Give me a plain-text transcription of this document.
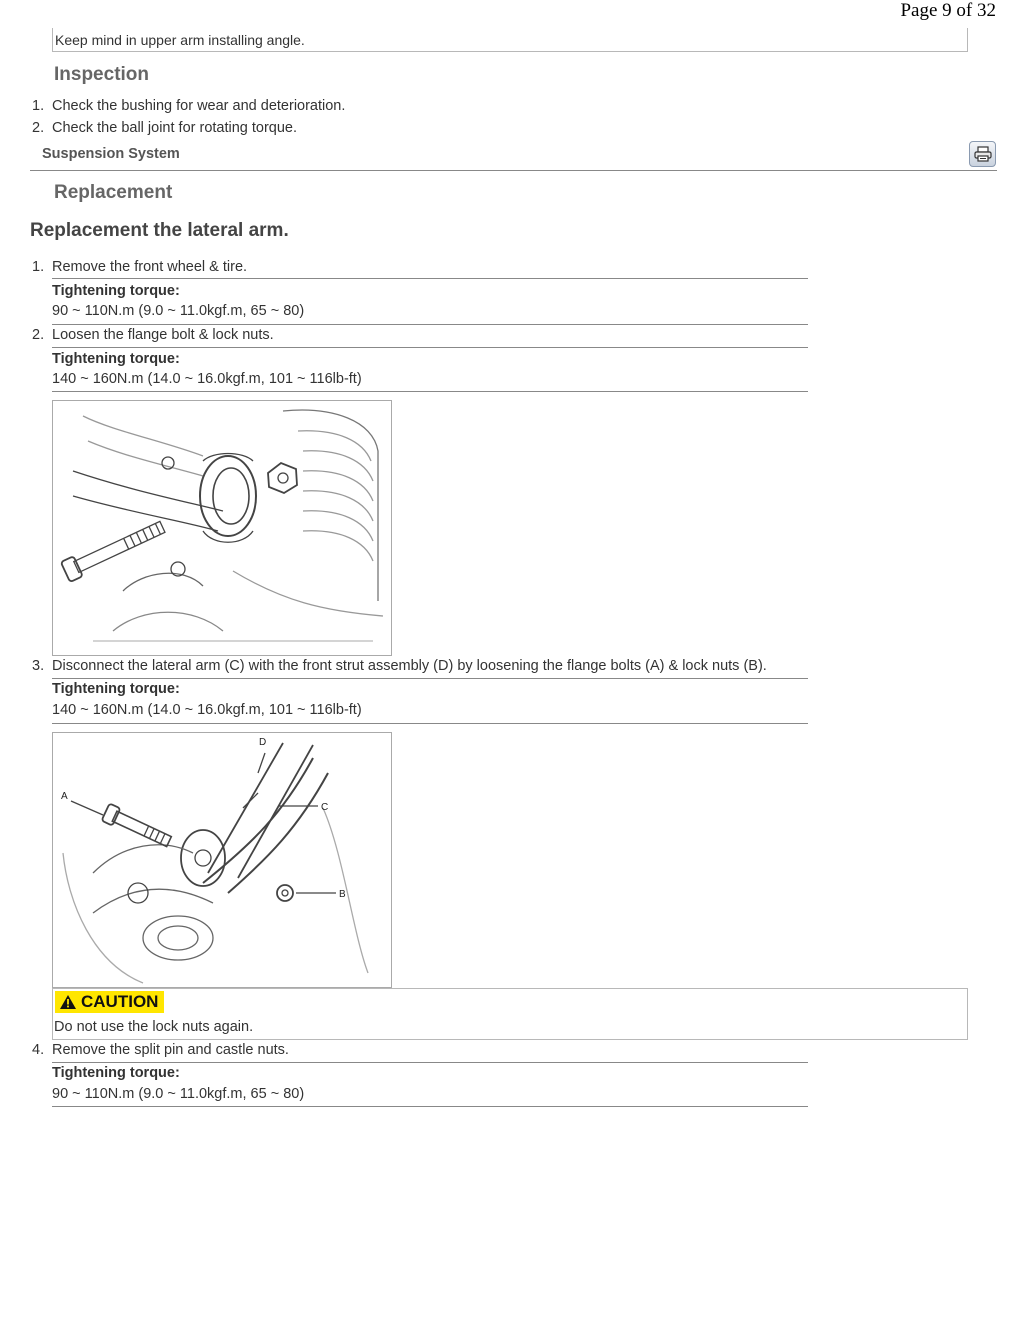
Page 9 of 32
Keep mind in upper arm installing angle.
Inspection
1. Check the bushing for wear and deterioration.
2. Check the ball joint for rotating torque.
Suspension System
Replacement
Replacement the lateral arm.
1. Remove the front wheel & tire.
Tightening torque:
90 ~ 110N.m (9.0 ~ 11.0kgf.m, 65 ~ 80)
2. Loosen the flange bolt & lock nuts.
Tightening torque:
140 ~ 160N.m (14.0 ~ 16.0kgf.m, 101 ~ 116lb-ft)
3. Disconnect the lateral arm (C) with the front strut assembly (D) by loosening the flange bolts (A) & lock nuts (B).
Tightening torque:
140 ~ 160N.m (14.0 ~ 16.0kgf.m, 101 ~ 116lb-ft)
A
D
C
B
CAUTION
Do not use the lock nuts again.
4. Remove the split pin and castle nuts.
Tightening torque:
90 ~ 110N.m (9.0 ~ 11.0kgf.m, 65 ~ 80)
